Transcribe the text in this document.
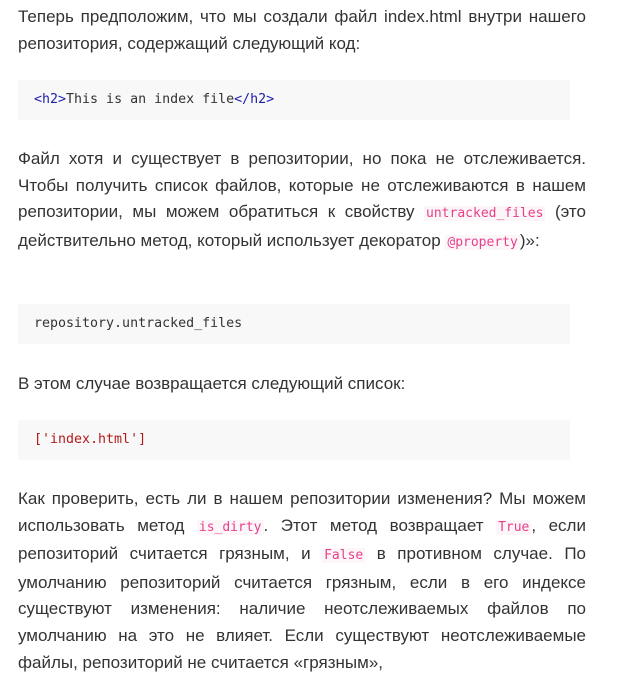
Теперь предположим, что мы создали файл index.html внутри нашего репозитория, содержащий следующий код:

<h2>This is an index file</h2>

Файл хотя и существует в репозитории, но пока не отслеживается. Чтобы получить список файлов, которые не отслеживаются в нашем репозитории, мы можем обратиться к свойству untracked_files (это действительно метод, который использует декоратор @property )»:

repository.untracked_files

В этом случае возвращается следующий список:

['index.html']

Как проверить, есть ли в нашем репозитории изменения? Мы можем использовать метод is_dirty . Этот метод возвращает True , если репозиторий считается грязным, и False в противном случае. По умолчанию репозиторий считается грязным, если в его индексе существуют изменения: наличие неотслеживаемых файлов по умолчанию на это не влияет. Если существуют неотслеживаемые файлы, репозиторий не считается «грязным»,
